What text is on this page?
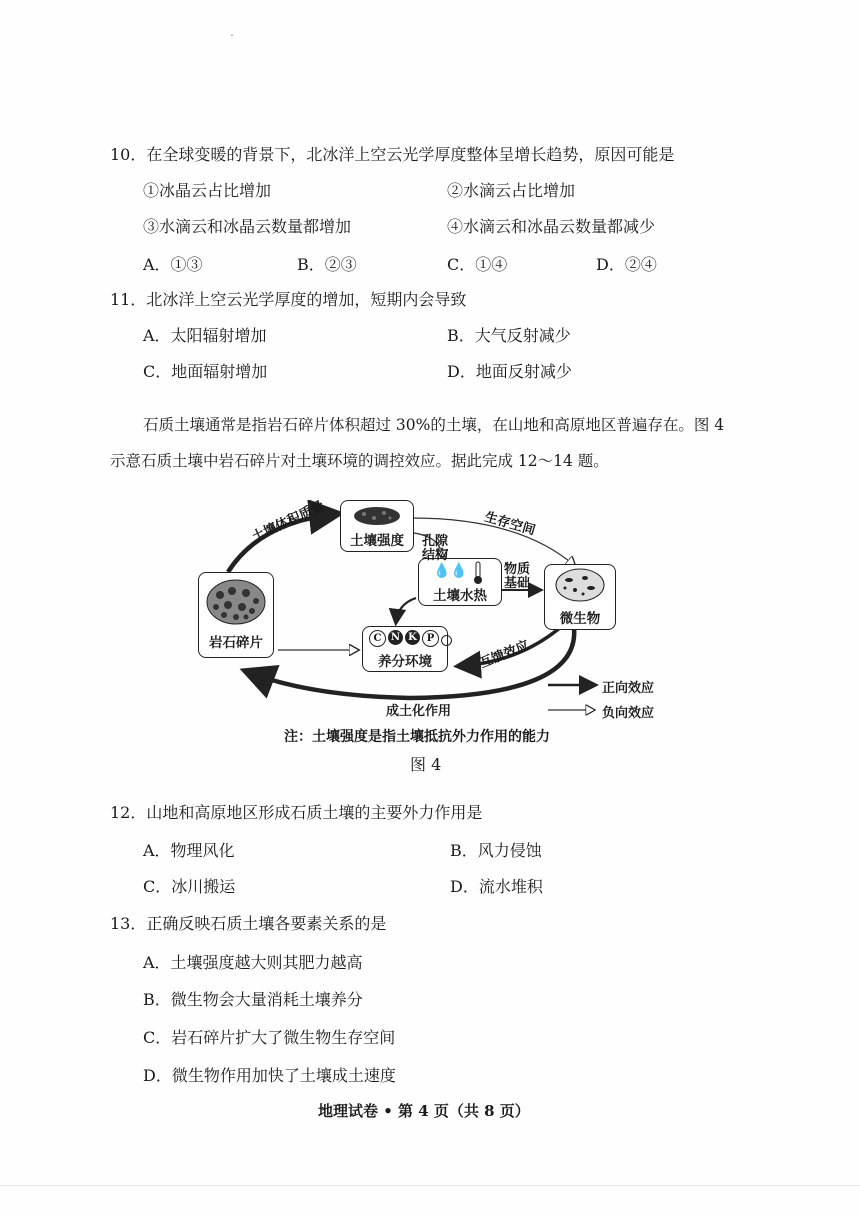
ˆ
10．在全球变暖的背景下，北冰洋上空云光学厚度整体呈增长趋势，原因可能是
①冰晶云占比增加	②水滴云占比增加
③水滴云和冰晶云数量都增加	④水滴云和冰晶云数量都减少
A．①③	B．②③	C．①④	D．②④
11．北冰洋上空云光学厚度的增加，短期内会导致
A．太阳辐射增加	B．大气反射减少
C．地面辐射增加	D．地面反射减少
石质土壤通常是指岩石碎片体积超过 30%的土壤，在山地和高原地区普遍存在。图 4
示意石质土壤中岩石碎片对土壤环境的调控效应。据此完成 12～14 题。
岩石碎片
土壤强度
💧💧
土壤水热
C N K P
养分环境
微生物
土壤体积质量	生存空间
孔隙
结构
物质
基础
互馈效应
成土化作用
正向效应
负向效应
注：土壤强度是指土壤抵抗外力作用的能力
图 4
12．山地和高原地区形成石质土壤的主要外力作用是
A．物理风化	B．风力侵蚀
C．冰川搬运	D．流水堆积
13．正确反映石质土壤各要素关系的是
A．土壤强度越大则其肥力越高
B．微生物会大量消耗土壤养分
C．岩石碎片扩大了微生物生存空间
D．微生物作用加快了土壤成土速度
地理试卷 • 第 4 页（共 8 页）
